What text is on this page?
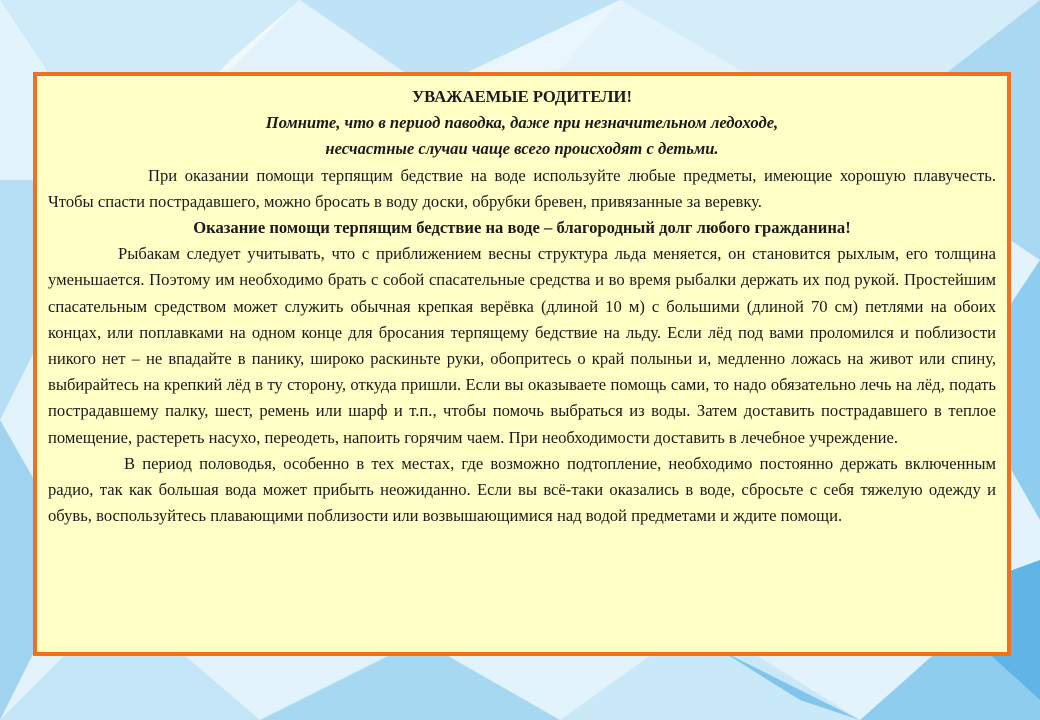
УВАЖАЕМЫЕ РОДИТЕЛИ!
Помните, что в период паводка, даже при незначительном ледоходе,
несчастные случаи чаще всего происходят с детьми.

При оказании помощи терпящим бедствие на воде используйте любые предметы, имеющие хорошую плавучесть. Чтобы спасти пострадавшего, можно бросать в воду доски, обрубки бревен, привязанные за веревку.

Оказание помощи терпящим бедствие на воде – благородный долг любого гражданина!

Рыбакам следует учитывать, что с приближением весны структура льда меняется, он становится рыхлым, его толщина уменьшается. Поэтому им необходимо брать с собой спасательные средства и во время рыбалки держать их под рукой. Простейшим спасательным средством может служить обычная крепкая верёвка (длиной 10 м) с большими (длиной 70 см) петлями на обоих концах, или поплавками на одном конце для бросания терпящему бедствие на льду. Если лёд под вами проломился и поблизости никого нет – не впадайте в панику, широко раскиньте руки, обопритесь о край полыньи и, медленно ложась на живот или спину, выбирайтесь на крепкий лёд в ту сторону, откуда пришли. Если вы оказываете помощь сами, то надо обязательно лечь на лёд, подать пострадавшему палку, шест, ремень или шарф и т.п., чтобы помочь выбраться из воды. Затем доставить пострадавшего в теплое помещение, растереть насухо, переодеть, напоить горячим чаем. При необходимости доставить в лечебное учреждение.

В период половодья, особенно в тех местах, где возможно подтопление, необходимо постоянно держать включенным радио, так как большая вода может прибыть неожиданно. Если вы всё-таки оказались в воде, сбросьте с себя тяжелую одежду и обувь, воспользуйтесь плавающими поблизости или возвышающимися над водой предметами и ждите помощи.
